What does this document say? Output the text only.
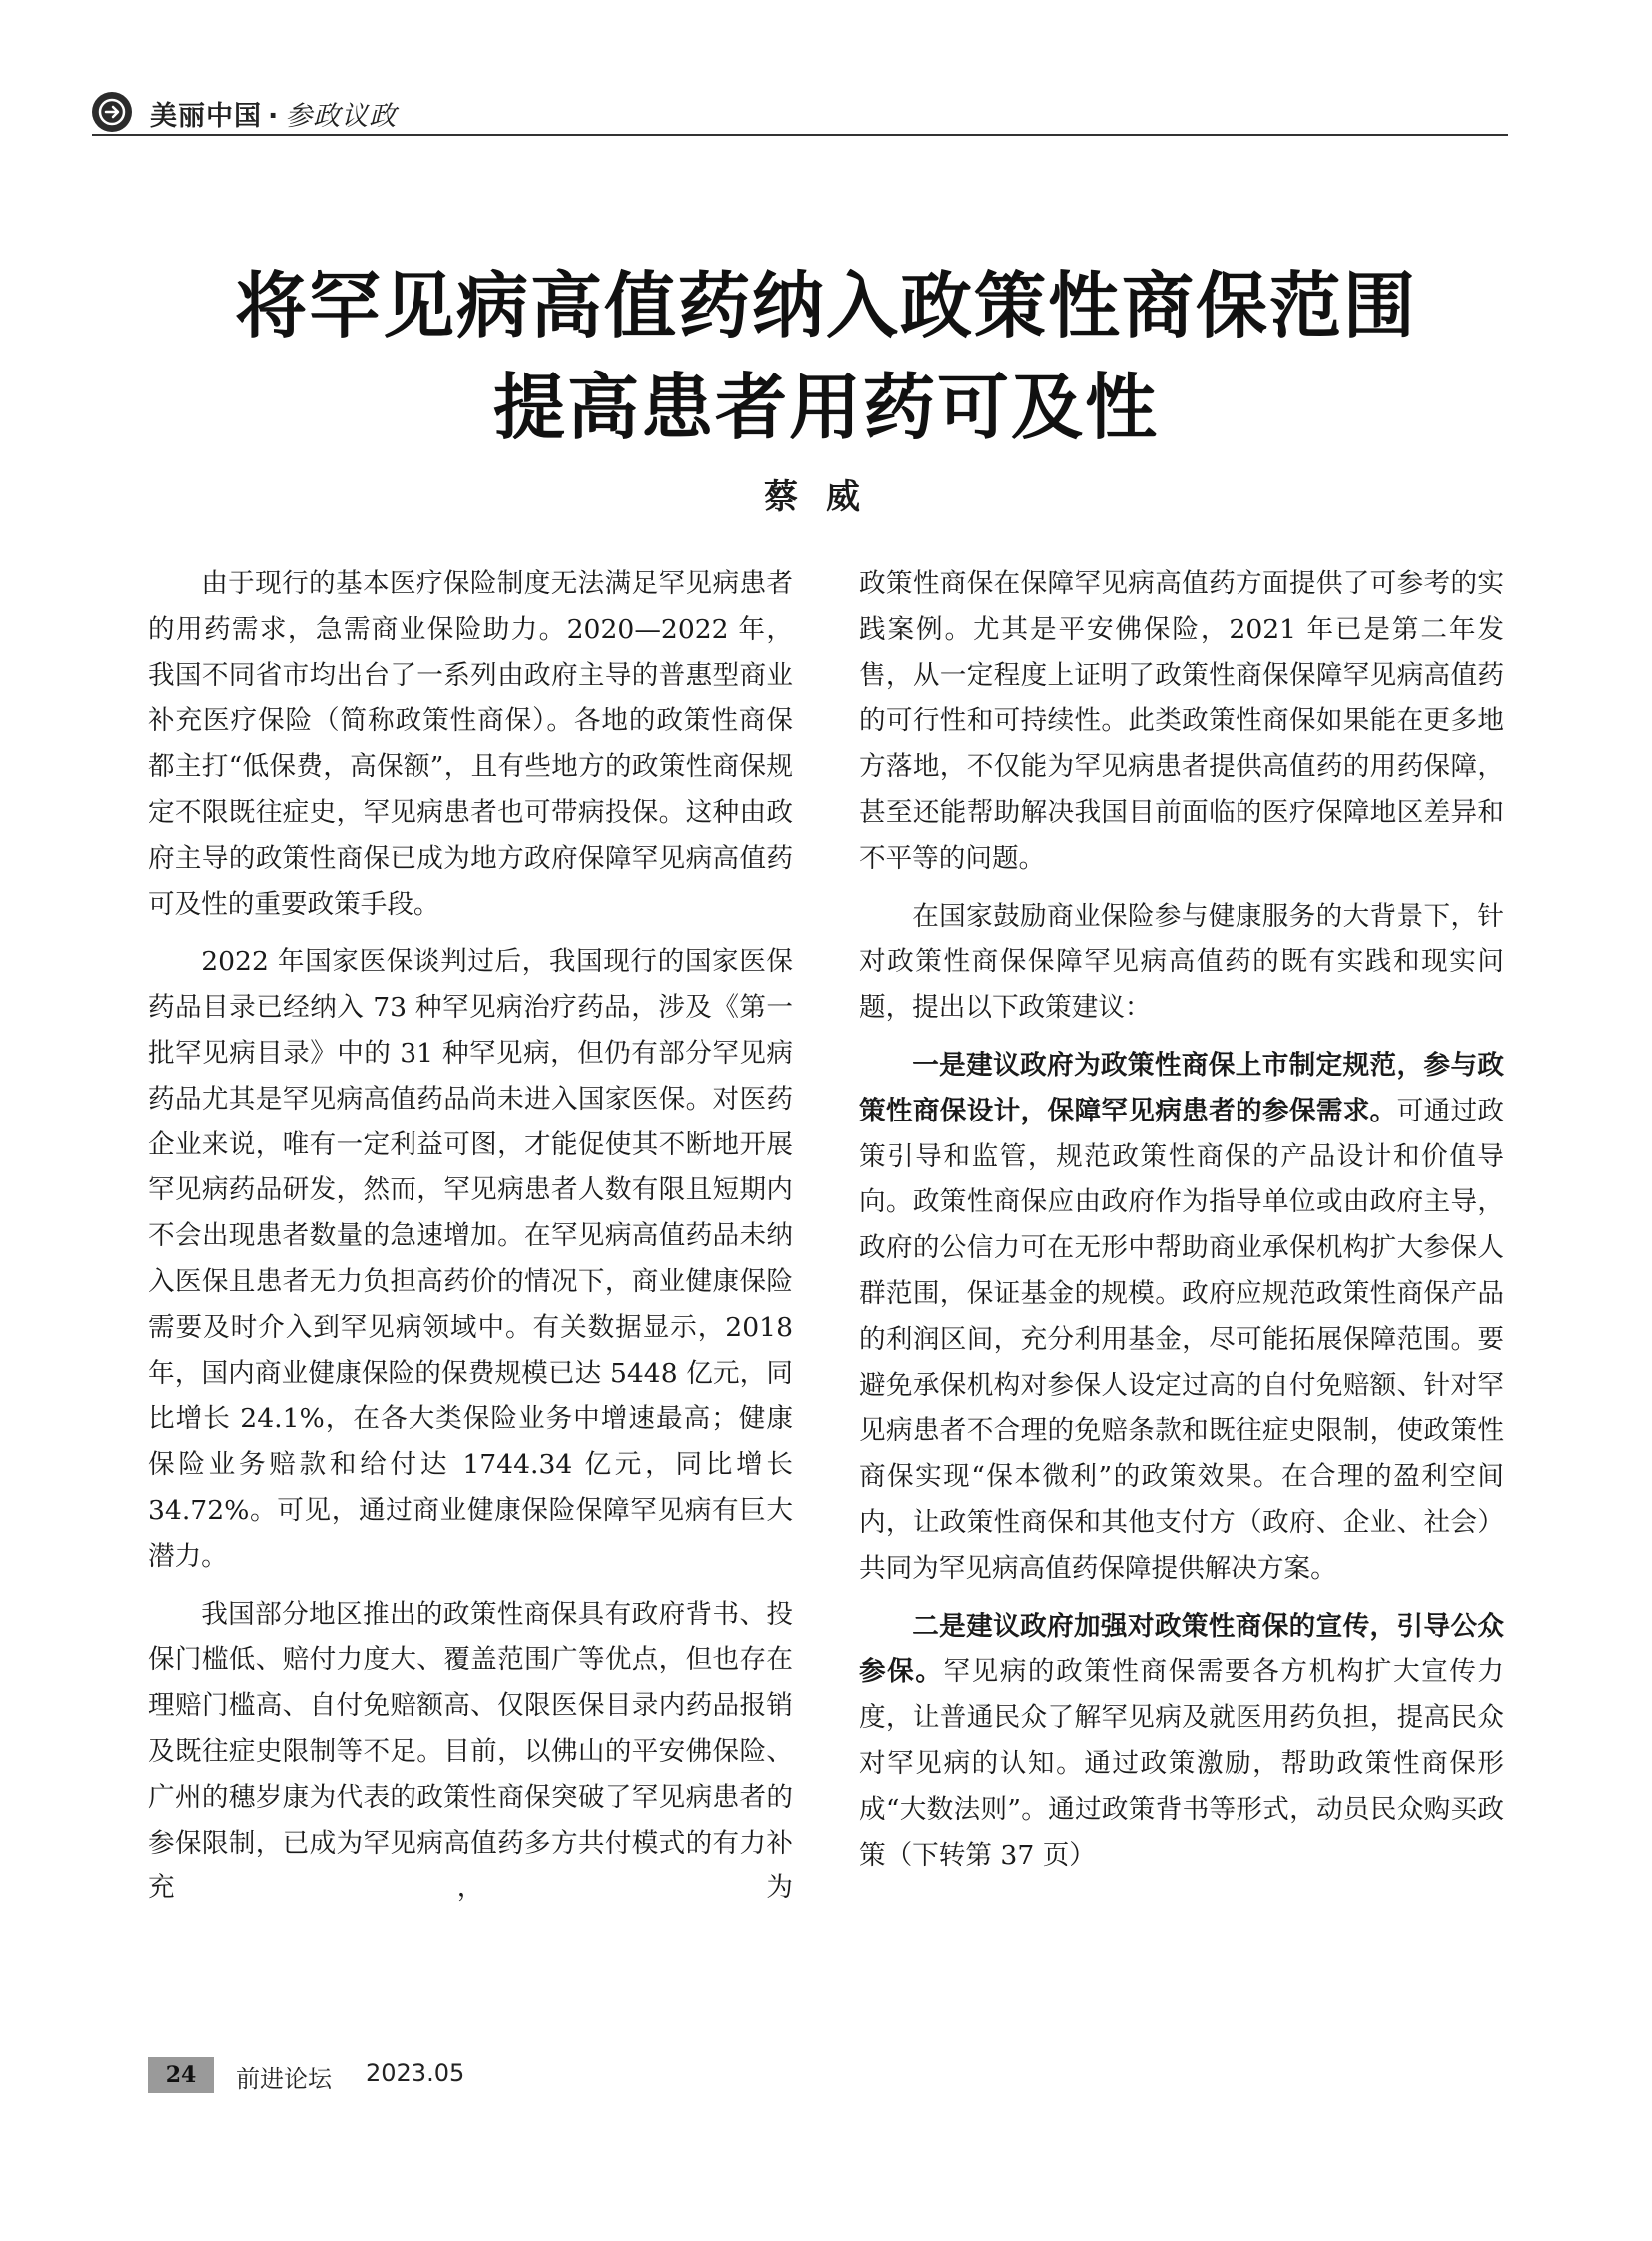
美丽中国 · 参政议政
将罕见病高值药纳入政策性商保范围
提高患者用药可及性
蔡威

由于现行的基本医疗保险制度无法满足罕见病患者的用药需求，急需商业保险助力。2020—2022 年，我国不同省市均出台了一系列由政府主导的普惠型商业补充医疗保险（简称政策性商保）。各地的政策性商保都主打“低保费，高保额”，且有些地方的政策性商保规定不限既往症史，罕见病患者也可带病投保。这种由政府主导的政策性商保已成为地方政府保障罕见病高值药可及性的重要政策手段。

2022 年国家医保谈判过后，我国现行的国家医保药品目录已经纳入 73 种罕见病治疗药品，涉及《第一批罕见病目录》中的 31 种罕见病，但仍有部分罕见病药品尤其是罕见病高值药品尚未进入国家医保。对医药企业来说，唯有一定利益可图，才能促使其不断地开展罕见病药品研发，然而，罕见病患者人数有限且短期内不会出现患者数量的急速增加。在罕见病高值药品未纳入医保且患者无力负担高药价的情况下，商业健康保险需要及时介入到罕见病领域中。有关数据显示，2018 年，国内商业健康保险的保费规模已达 5448 亿元，同比增长 24.1%，在各大类保险业务中增速最高；健康保险业务赔款和给付达 1744.34 亿元，同比增长 34.72%。可见，通过商业健康保险保障罕见病有巨大潜力。

我国部分地区推出的政策性商保具有政府背书、投保门槛低、赔付力度大、覆盖范围广等优点，但也存在理赔门槛高、自付免赔额高、仅限医保目录内药品报销及既往症史限制等不足。目前，以佛山的平安佛保险、广州的穗岁康为代表的政策性商保突破了罕见病患者的参保限制，已成为罕见病高值药多方共付模式的有力补充，为

政策性商保在保障罕见病高值药方面提供了可参考的实践案例。尤其是平安佛保险，2021 年已是第二年发售，从一定程度上证明了政策性商保保障罕见病高值药的可行性和可持续性。此类政策性商保如果能在更多地方落地，不仅能为罕见病患者提供高值药的用药保障，甚至还能帮助解决我国目前面临的医疗保障地区差异和不平等的问题。

在国家鼓励商业保险参与健康服务的大背景下，针对政策性商保保障罕见病高值药的既有实践和现实问题，提出以下政策建议：

一是建议政府为政策性商保上市制定规范，参与政策性商保设计，保障罕见病患者的参保需求。可通过政策引导和监管，规范政策性商保的产品设计和价值导向。政策性商保应由政府作为指导单位或由政府主导，政府的公信力可在无形中帮助商业承保机构扩大参保人群范围，保证基金的规模。政府应规范政策性商保产品的利润区间，充分利用基金，尽可能拓展保障范围。要避免承保机构对参保人设定过高的自付免赔额、针对罕见病患者不合理的免赔条款和既往症史限制，使政策性商保实现“保本微利”的政策效果。在合理的盈利空间内，让政策性商保和其他支付方（政府、企业、社会）共同为罕见病高值药保障提供解决方案。

二是建议政府加强对政策性商保的宣传，引导公众参保。罕见病的政策性商保需要各方机构扩大宣传力度，让普通民众了解罕见病及就医用药负担，提高民众对罕见病的认知。通过政策激励，帮助政策性商保形成“大数法则”。通过政策背书等形式，动员民众购买政策（下转第 37 页）

24	前进论坛 2023.05
